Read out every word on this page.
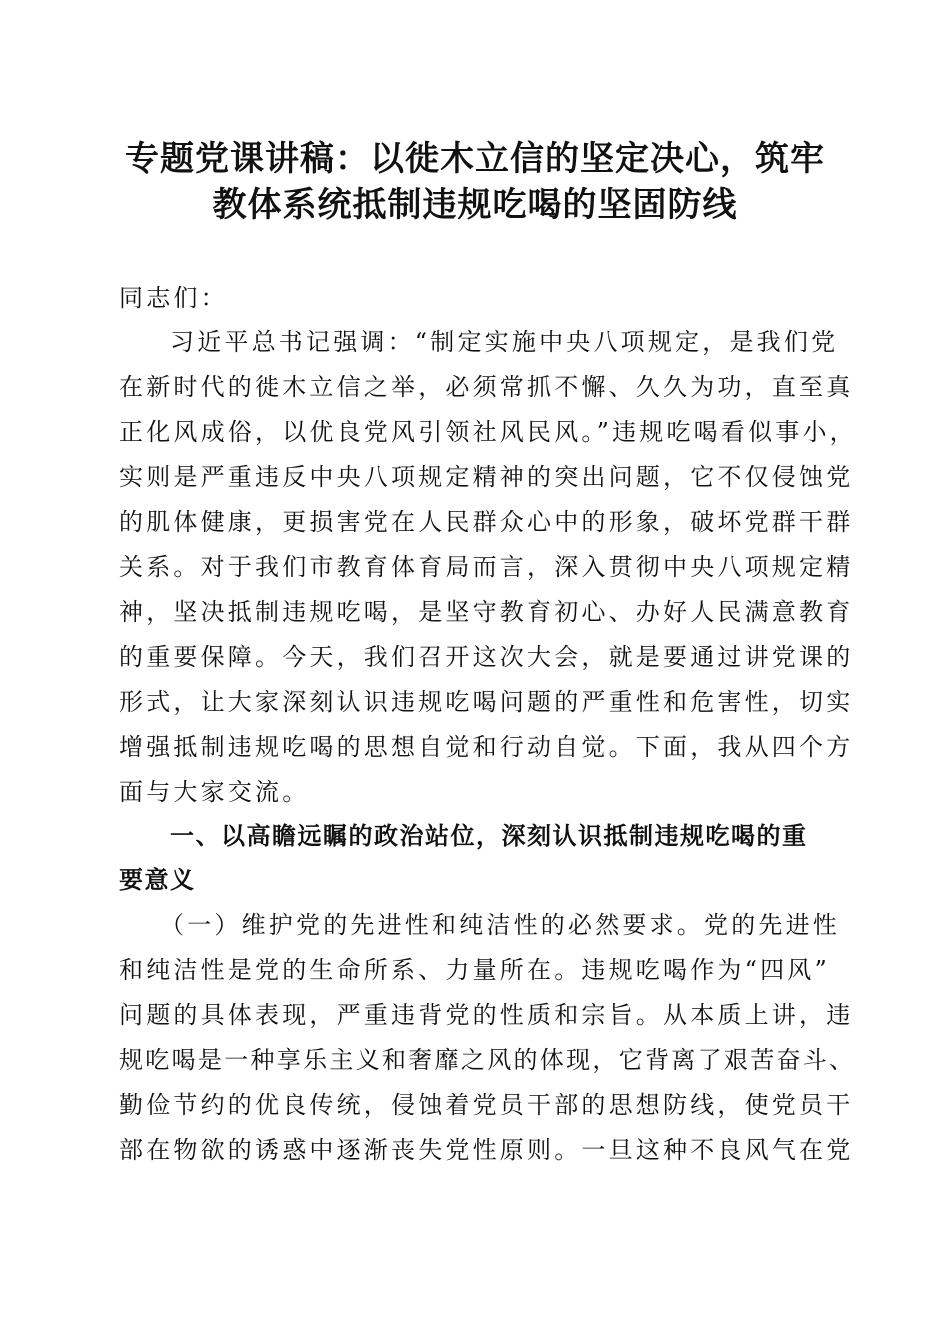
专题党课讲稿：以徙木立信的坚定决心，筑牢
教体系统抵制违规吃喝的坚固防线
同志们：
习近平总书记强调：“制定实施中央八项规定，是我们党
在新时代的徙木立信之举，必须常抓不懈、久久为功，直至真
正化风成俗，以优良党风引领社风民风。”违规吃喝看似事小，
实则是严重违反中央八项规定精神的突出问题，它不仅侵蚀党
的肌体健康，更损害党在人民群众心中的形象，破坏党群干群
关系。对于我们市教育体育局而言，深入贯彻中央八项规定精
神，坚决抵制违规吃喝，是坚守教育初心、办好人民满意教育
的重要保障。今天，我们召开这次大会，就是要通过讲党课的
形式，让大家深刻认识违规吃喝问题的严重性和危害性，切实
增强抵制违规吃喝的思想自觉和行动自觉。下面，我从四个方
面与大家交流。
一、以高瞻远瞩的政治站位，深刻认识抵制违规吃喝的重
要意义
（一）维护党的先进性和纯洁性的必然要求。党的先进性
和纯洁性是党的生命所系、力量所在。违规吃喝作为“四风”
问题的具体表现，严重违背党的性质和宗旨。从本质上讲，违
规吃喝是一种享乐主义和奢靡之风的体现，它背离了艰苦奋斗、
勤俭节约的优良传统，侵蚀着党员干部的思想防线，使党员干
部在物欲的诱惑中逐渐丧失党性原则。一旦这种不良风气在党
